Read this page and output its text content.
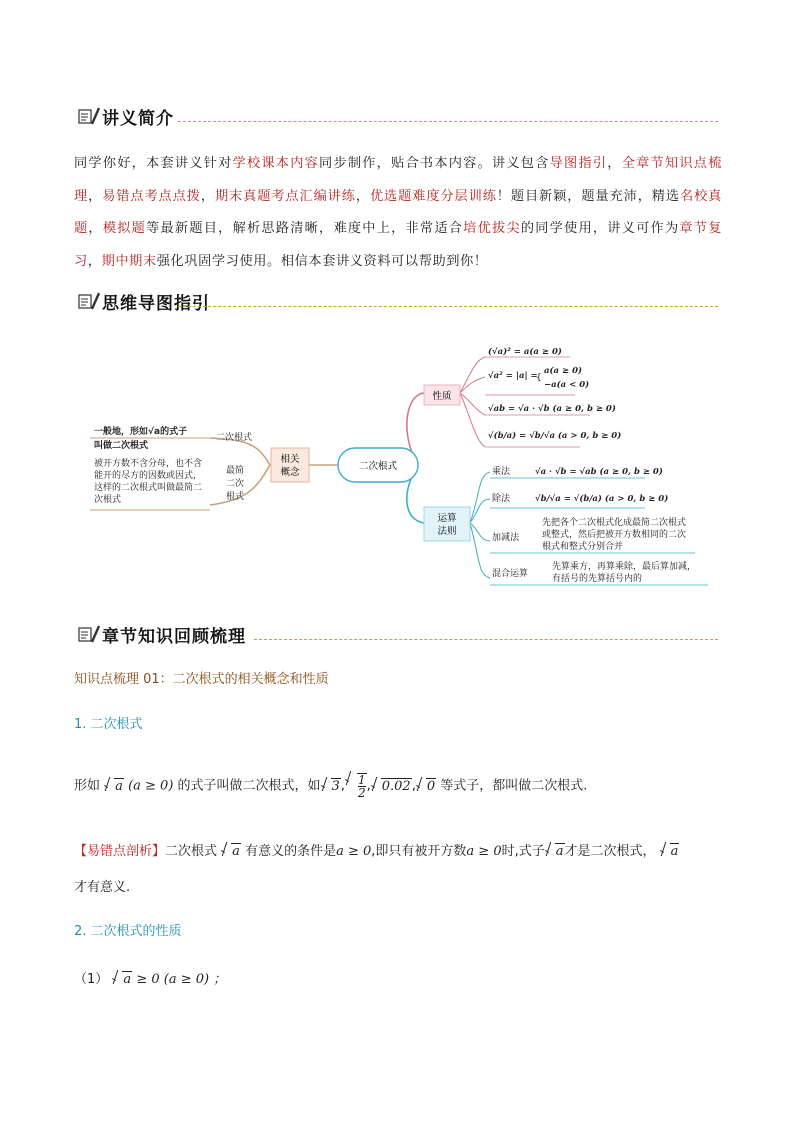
讲义简介
同学你好，本套讲义针对学校课本内容同步制作，贴合书本内容。讲义包含导图指引，全章节知识点梳理，易错点考点点拨，期末真题考点汇编讲练，优选题难度分层训练！题目新颖，题量充沛，精选名校真题，模拟题等最新题目，解析思路清晰，难度中上，非常适合培优拔尖的同学使用，讲义可作为章节复习，期中期末强化巩固学习使用。相信本套讲义资料可以帮助到你！
思维导图指引
二次根式
相关
概念
性质
运算
法则
二次根式
一般地，形如√a的式子
叫做二次根式
最简
二次
根式
被开方数不含分母，也不含
能开的尽方的因数或因式，
这样的二次根式叫做最简二
次根式
(√a)² = a(a ≥ 0)
√a² = |a| =
{
a(a ≥ 0)
−a(a < 0)
√ab = √a · √b (a ≥ 0, b ≥ 0)
√(b/a) = √b/√a (a > 0, b ≥ 0)
乘法	√a · √b = √ab (a ≥ 0, b ≥ 0)
除法	√b/√a = √(b/a) (a > 0, b ≥ 0)
加减法
先把各个二次根式化成最简二次根式
或整式，然后把被开方数相同的二次
根式和整式分别合并
混合运算
先算乘方，再算乘除，最后算加减，
有括号的先算括号内的
章节知识回顾梳理
知识点梳理 01：二次根式的相关概念和性质
1. 二次根式
形如 a (a ≥ 0) 的式子叫做二次根式，如 3, $\frac{1}{2}$ , 0.02, 0 等式子，都叫做二次根式.
【易错点剖析】二次根式 a 有意义的条件是a ≥ 0,即只有被开方数a ≥ 0时,式子 a才是二次根式， a
才有意义.
2. 二次根式的性质
（1） a ≥ 0 (a ≥ 0) ；
